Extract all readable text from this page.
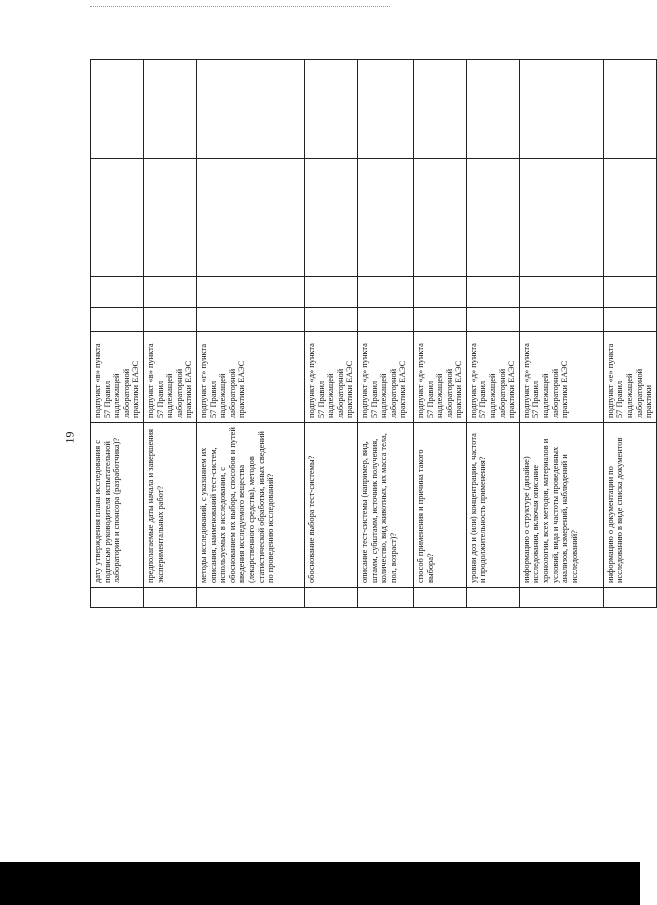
19
	дату утверждения плана исследования с подписью руководителя испытательной лаборатории и спонсора (разработчика)?	подпункт «в» пункта 57 Правил надлежащей лабораторной практики ЕАЭС				
	предполагаемые даты начала и завершения экспериментальных работ?	подпункт «в» пункта 57 Правил надлежащей лабораторной практики ЕАЭС				
	методы исследований, с указанием их описания, наименований тест-систем, используемых в исследовании, с обоснованием их выбора, способов и путей введения исследуемого вещества (лекарственного средства), методов статистической обработки, иных сведений по проведению исследований?	подпункт «г» пункта 57 Правил надлежащей лабораторной практики ЕАЭС				
	обоснование выбора тест-системы?	подпункт «д» пункта 57 Правил надлежащей лабораторной практики ЕАЭС				
	описание тест-системы (например, вид, штамм, субштамм, источник получения, количество, вид животных, их масса тела, пол, возраст)?	подпункт «д» пункта 57 Правил надлежащей лабораторной практики ЕАЭС				
	способ применения и причина такого выбора?	подпункт «д» пункта 57 Правил надлежащей лабораторной практики ЕАЭС				
	уровни доз и (или) концентрации, частота и продолжительность применения?	подпункт «д» пункта 57 Правил надлежащей лабораторной практики ЕАЭС				
	информацию о структуре (дизайне) исследования, включая описание хронологии, всех методов, материалов и условий, вида и частоты проведенных анализов, измерений, наблюдений и исследований?	подпункт «д» пункта 57 Правил надлежащей лабораторной практики ЕАЭС				
	информацию о документации по исследованию в виде списка документов	подпункт «е» пункта 57 Правил надлежащей лабораторной практики				
